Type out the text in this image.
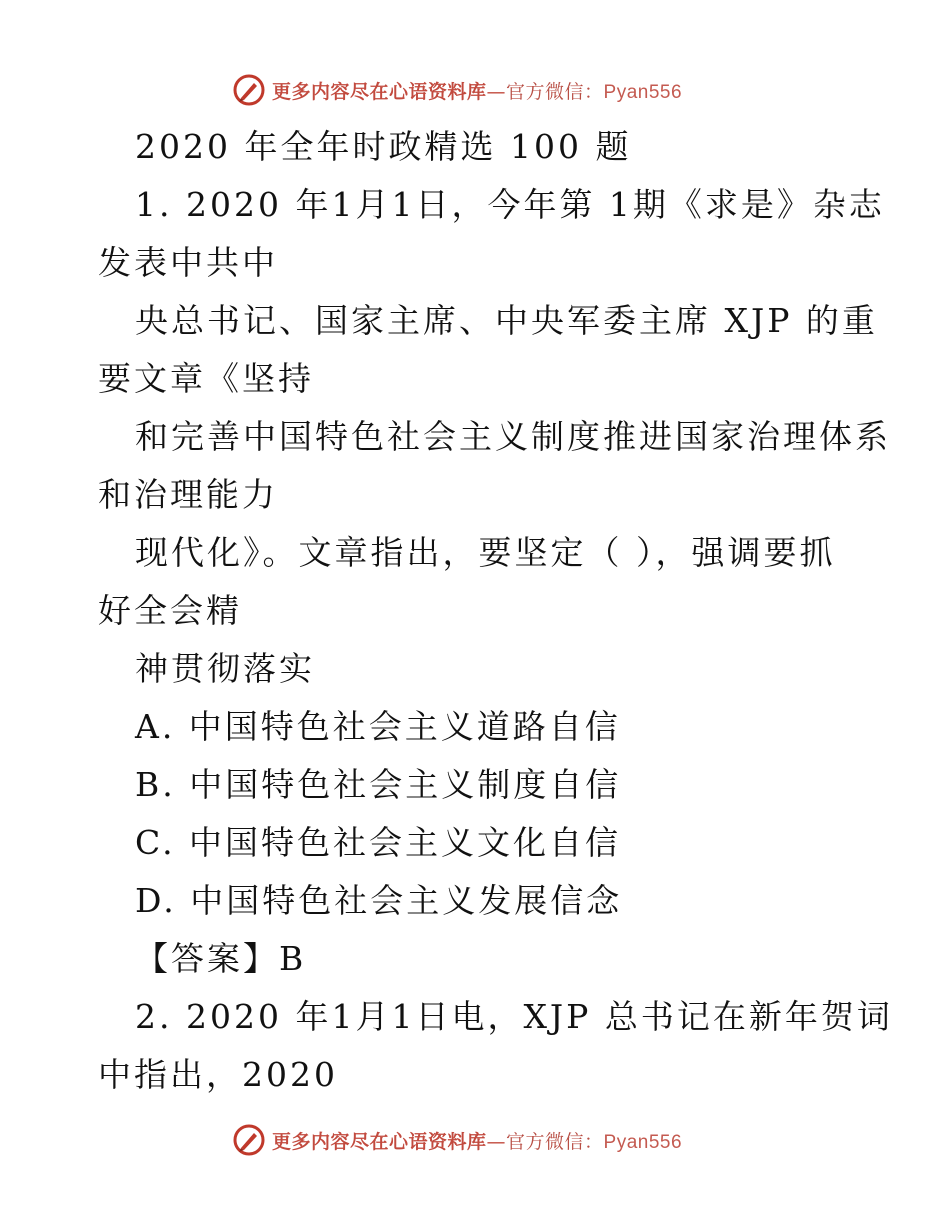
更多内容尽在心语资料库—官方微信：Pyan556

2020 年全年时政精选 100 题

1. 2020 年1月1日，今年第 1期《求是》杂志

发表中共中

央总书记、国家主席、中央军委主席 XJP 的重

要文章《坚持

和完善中国特色社会主义制度推进国家治理体系

和治理能力

现代化》。文章指出，要坚定（ ），强调要抓

好全会精

神贯彻落实

A. 中国特色社会主义道路自信

B. 中国特色社会主义制度自信

C. 中国特色社会主义文化自信

D. 中国特色社会主义发展信念

【答案】B

2. 2020 年1月1日电，XJP 总书记在新年贺词

中指出，2020

更多内容尽在心语资料库—官方微信：Pyan556
